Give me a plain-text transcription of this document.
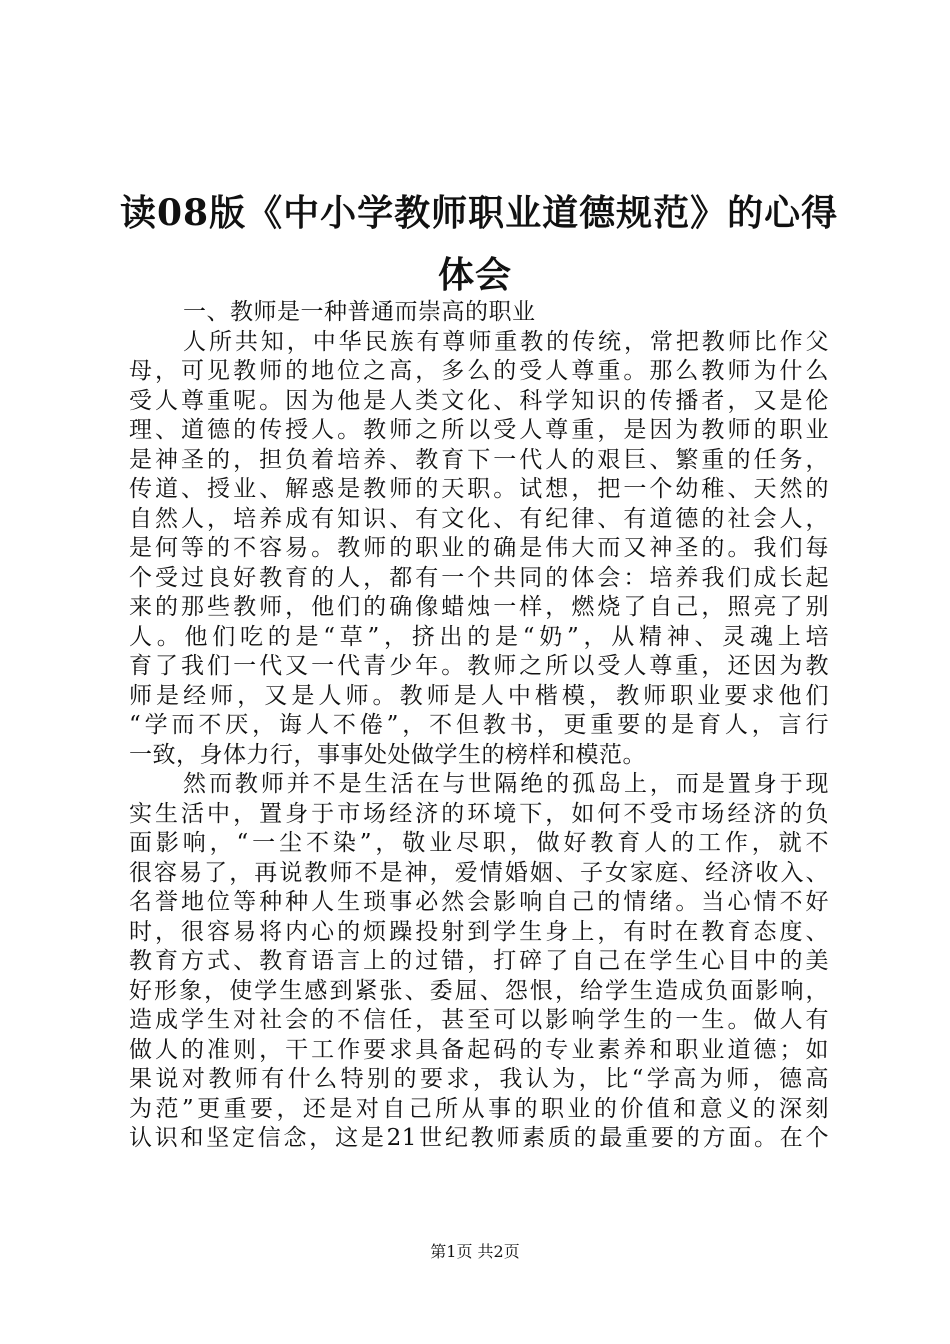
读08版《中小学教师职业道德规范》的心得
体会
一、教师是一种普通而崇高的职业
人所共知，中华民族有尊师重教的传统，常把教师比作父
母，可见教师的地位之高，多么的受人尊重。那么教师为什么
受人尊重呢。因为他是人类文化、科学知识的传播者，又是伦
理、道德的传授人。教师之所以受人尊重，是因为教师的职业
是神圣的，担负着培养、教育下一代人的艰巨、繁重的任务，
传道、授业、解惑是教师的天职。试想，把一个幼稚、天然的
自然人，培养成有知识、有文化、有纪律、有道德的社会人，
是何等的不容易。教师的职业的确是伟大而又神圣的。我们每
个受过良好教育的人，都有一个共同的体会：培养我们成长起
来的那些教师，他们的确像蜡烛一样，燃烧了自己，照亮了别
人。他们吃的是“草”，挤出的是“奶”，从精神、灵魂上培
育了我们一代又一代青少年。教师之所以受人尊重，还因为教
师是经师，又是人师。教师是人中楷模，教师职业要求他们
“学而不厌，诲人不倦”，不但教书，更重要的是育人，言行
一致，身体力行，事事处处做学生的榜样和模范。
然而教师并不是生活在与世隔绝的孤岛上，而是置身于现
实生活中，置身于市场经济的环境下，如何不受市场经济的负
面影响，“一尘不染”，敬业尽职，做好教育人的工作，就不
很容易了，再说教师不是神，爱情婚姻、子女家庭、经济收入、
名誉地位等种种人生琐事必然会影响自己的情绪。当心情不好
时，很容易将内心的烦躁投射到学生身上，有时在教育态度、
教育方式、教育语言上的过错，打碎了自己在学生心目中的美
好形象，使学生感到紧张、委屈、怨恨，给学生造成负面影响，
造成学生对社会的不信任，甚至可以影响学生的一生。做人有
做人的准则，干工作要求具备起码的专业素养和职业道德；如
果说对教师有什么特别的要求，我认为，比“学高为师，德高
为范”更重要，还是对自己所从事的职业的价值和意义的深刻
认识和坚定信念，这是21世纪教师素质的最重要的方面。在个
第1页 共2页
